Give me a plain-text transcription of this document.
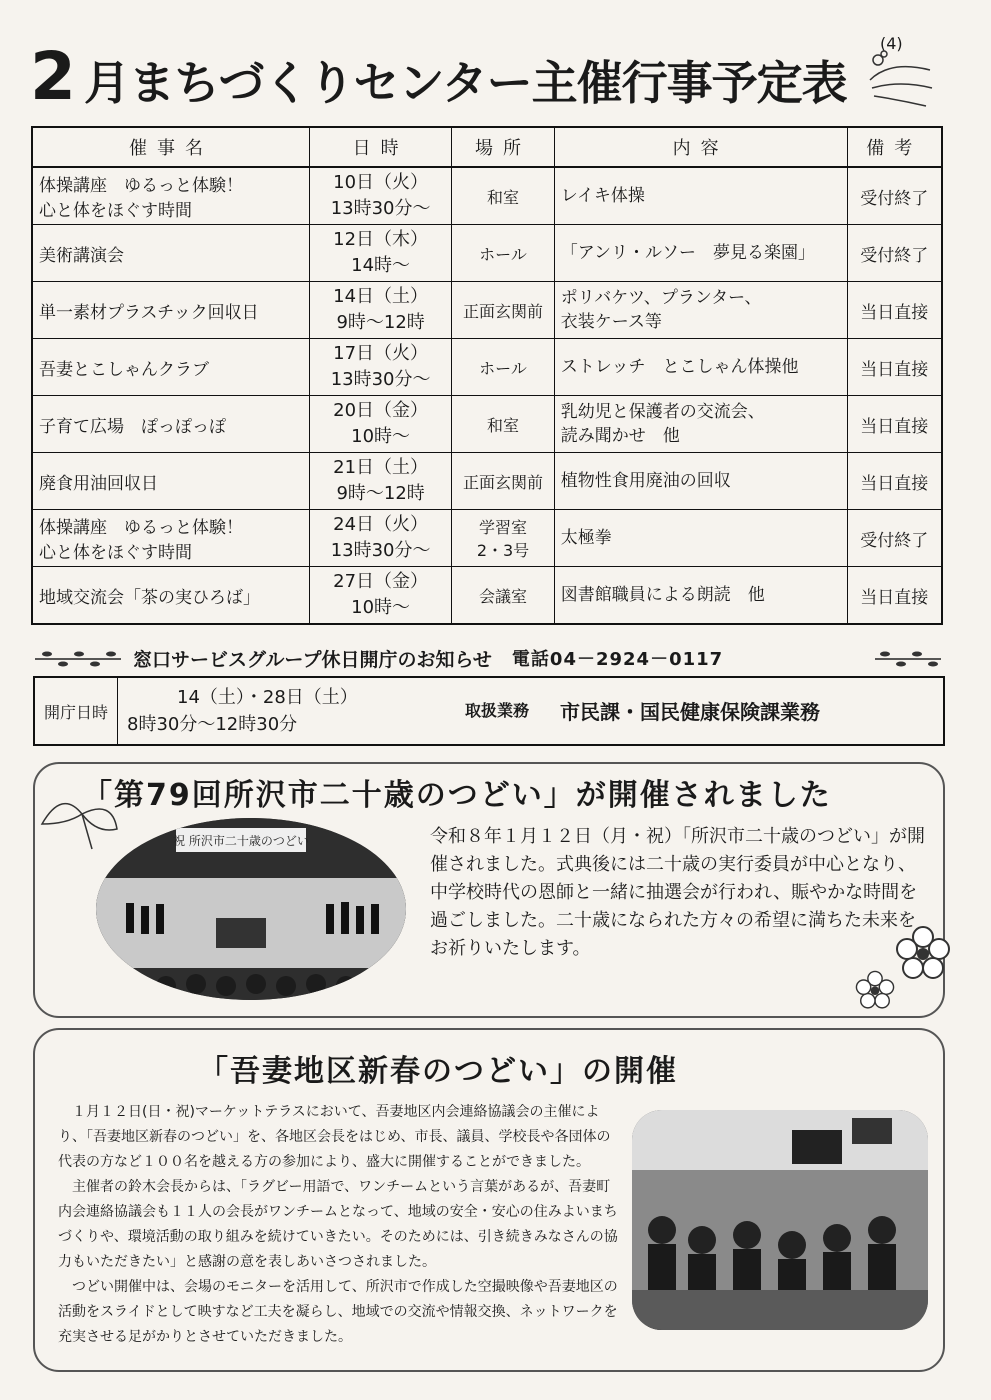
(4)
2 月まちづくりセンター主催行事予定表
催事名	日時	場所	内容	備考

体操講座　ゆるっと体験！
心と体をほぐす時間	10日（火）
13時30分～	和室	レイキ体操	受付終了

美術講演会	12日（木）
14時～	ホール	「アンリ・ルソー　夢見る楽園」	受付終了

単一素材プラスチック回収日	14日（土）
9時～12時	正面玄関前	ポリバケツ、プランター、
衣装ケース等	当日直接

吾妻とこしゃんクラブ	17日（火）
13時30分～	ホール	ストレッチ　とこしゃん体操他	当日直接

子育て広場　ぽっぽっぽ	20日（金）
10時～	和室	乳幼児と保護者の交流会、
読み聞かせ　他	当日直接

廃食用油回収日	21日（土）
9時～12時	正面玄関前	植物性食用廃油の回収	当日直接

体操講座　ゆるっと体験！
心と体をほぐす時間	24日（火）
13時30分～	学習室
2・3号	太極拳	受付終了

地域交流会「茶の実ひろば」	27日（金）
10時～	会議室	図書館職員による朗読　他	当日直接
窓口サービスグループ休日開庁のお知らせ 電話04－2924－0117
開庁日時
14（土）・28日（土）
8時30分～12時30分
取扱業務 市民課・国民健康保険課業務
「第79回所沢市二十歳のつどい」が開催されました
祝 所沢市二十歳のつどい	令和８年１月１２日（月・祝）「所沢市二十歳のつどい」が開催されました。式典後には二十歳の実行委員が中心となり、中学校時代の恩師と一緒に抽選会が行われ、賑やかな時間を過ごしました。二十歳になられた方々の希望に満ちた未来をお祈りいたします。
「吾妻地区新春のつどい」の開催

１月１２日(日・祝)マーケットテラスにおいて、吾妻地区内会連絡協議会の主催により、「吾妻地区新春のつどい」を、各地区会長をはじめ、市長、議員、学校長や各団体の代表の方など１００名を越える方の参加により、盛大に開催することができました。

主催者の鈴木会長からは、「ラグビー用語で、ワンチームという言葉があるが、吾妻町内会連絡協議会も１１人の会長がワンチームとなって、地域の安全・安心の住みよいまちづくりや、環境活動の取り組みを続けていきたい。そのためには、引き続きみなさんの協力もいただきたい」と感謝の意を表しあいさつされました。

つどい開催中は、会場のモニターを活用して、所沢市で作成した空撮映像や吾妻地区の活動をスライドとして映すなど工夫を凝らし、地域での交流や情報交換、ネットワークを充実させる足がかりとさせていただきました。
